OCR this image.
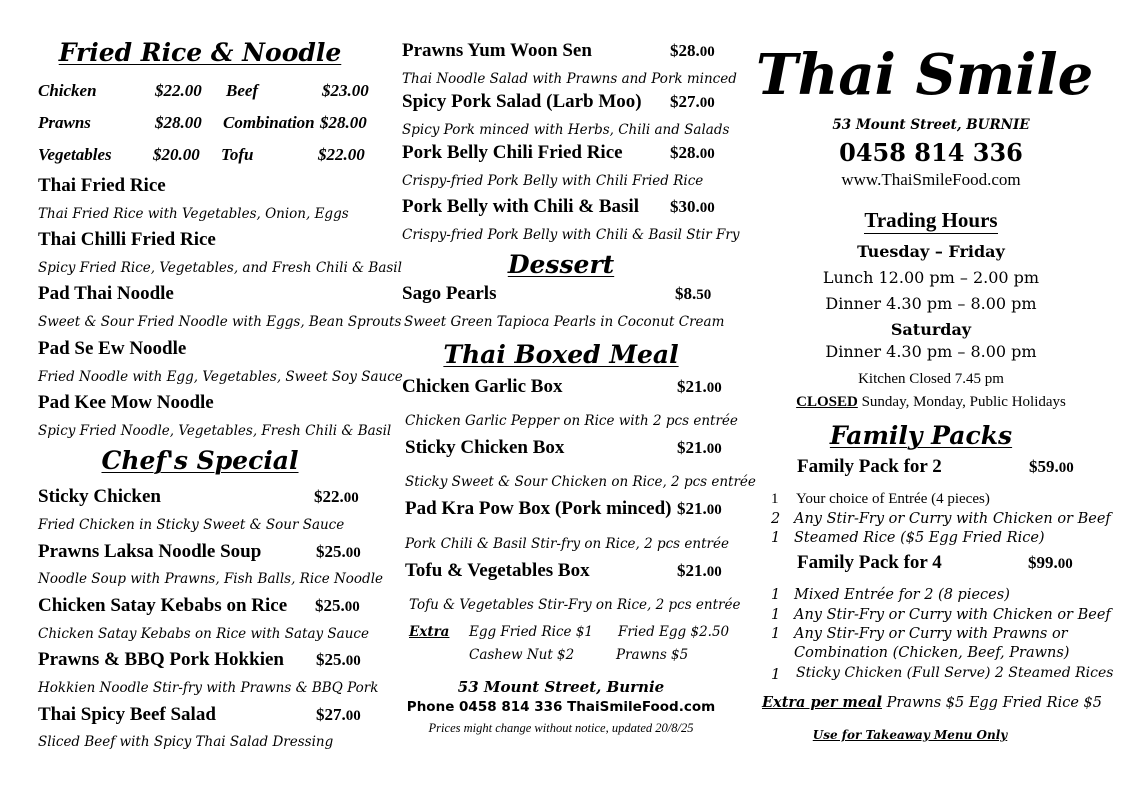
Fried Rice & Noodle
Chicken	$22.00 Beef	$23.00
Prawns	$28.00 Combination $28.00
Vegetables $20.00 Tofu	$22.00
Thai Fried Rice
Thai Fried Rice with Vegetables, Onion, Eggs
Thai Chilli Fried Rice
Spicy Fried Rice, Vegetables, and Fresh Chili & Basil
Pad Thai Noodle
Sweet & Sour Fried Noodle with Eggs, Bean Sprouts
Pad Se Ew Noodle
Fried Noodle with Egg, Vegetables, Sweet Soy Sauce
Pad Kee Mow Noodle
Spicy Fried Noodle, Vegetables, Fresh Chili & Basil
Chef's Special
Sticky Chicken	$22.00
Fried Chicken in Sticky Sweet & Sour Sauce
Prawns Laksa Noodle Soup	$25.00
Noodle Soup with Prawns, Fish Balls, Rice Noodle
Chicken Satay Kebabs on Rice $25.00
Chicken Satay Kebabs on Rice with Satay Sauce
Prawns & BBQ Pork Hokkien $25.00
Hokkien Noodle Stir-fry with Prawns & BBQ Pork
Thai Spicy Beef Salad	$27.00
Sliced Beef with Spicy Thai Salad Dressing
Prawns Yum Woon Sen	$28.00
Thai Noodle Salad with Prawns and Pork minced
Spicy Pork Salad (Larb Moo) $27.00
Spicy Pork minced with Herbs, Chili and Salads
Pork Belly Chili Fried Rice	$28.00
Crispy-fried Pork Belly with Chili Fried Rice
Pork Belly with Chili & Basil $30.00
Crispy-fried Pork Belly with Chili & Basil Stir Fry
Dessert
Sago Pearls	$8.50
Sweet Green Tapioca Pearls in Coconut Cream
Thai Boxed Meal
Chicken Garlic Box	$21.00
Chicken Garlic Pepper on Rice with 2 pcs entrée
Sticky Chicken Box	$21.00
Sticky Sweet & Sour Chicken on Rice, 2 pcs entrée
Pad Kra Pow Box (Pork minced) $21.00
Pork Chili & Basil Stir-fry on Rice, 2 pcs entrée
Tofu & Vegetables Box	$21.00
Tofu & Vegetables Stir-Fry on Rice, 2 pcs entrée
Extra Egg Fried Rice $1 Fried Egg $2.50
Cashew Nut $2	Prawns $5
53 Mount Street, Burnie
Phone 0458 814 336 ThaiSmileFood.com
Prices might change without notice, updated 20/8/25
Thai Smile
53 Mount Street, BURNIE
0458 814 336
www.ThaiSmileFood.com
Trading Hours
Tuesday – Friday
Lunch 12.00 pm – 2.00 pm
Dinner 4.30 pm – 8.00 pm
Saturday
Dinner 4.30 pm – 8.00 pm
Kitchen Closed 7.45 pm
CLOSED Sunday, Monday, Public Holidays
Family Packs
Family Pack for 2	$59.00
1 Your choice of Entrée (4 pieces)
2 Any Stir-Fry or Curry with Chicken or Beef
1 Steamed Rice ($5 Egg Fried Rice)
Family Pack for 4	$99.00
1 Mixed Entrée for 2 (8 pieces)
1 Any Stir-Fry or Curry with Chicken or Beef
1 Any Stir-Fry or Curry with Prawns or
Combination (Chicken, Beef, Prawns)
1 Sticky Chicken (Full Serve) 2 Steamed Rices
Extra per meal Prawns $5 Egg Fried Rice $5
Use for Takeaway Menu Only
